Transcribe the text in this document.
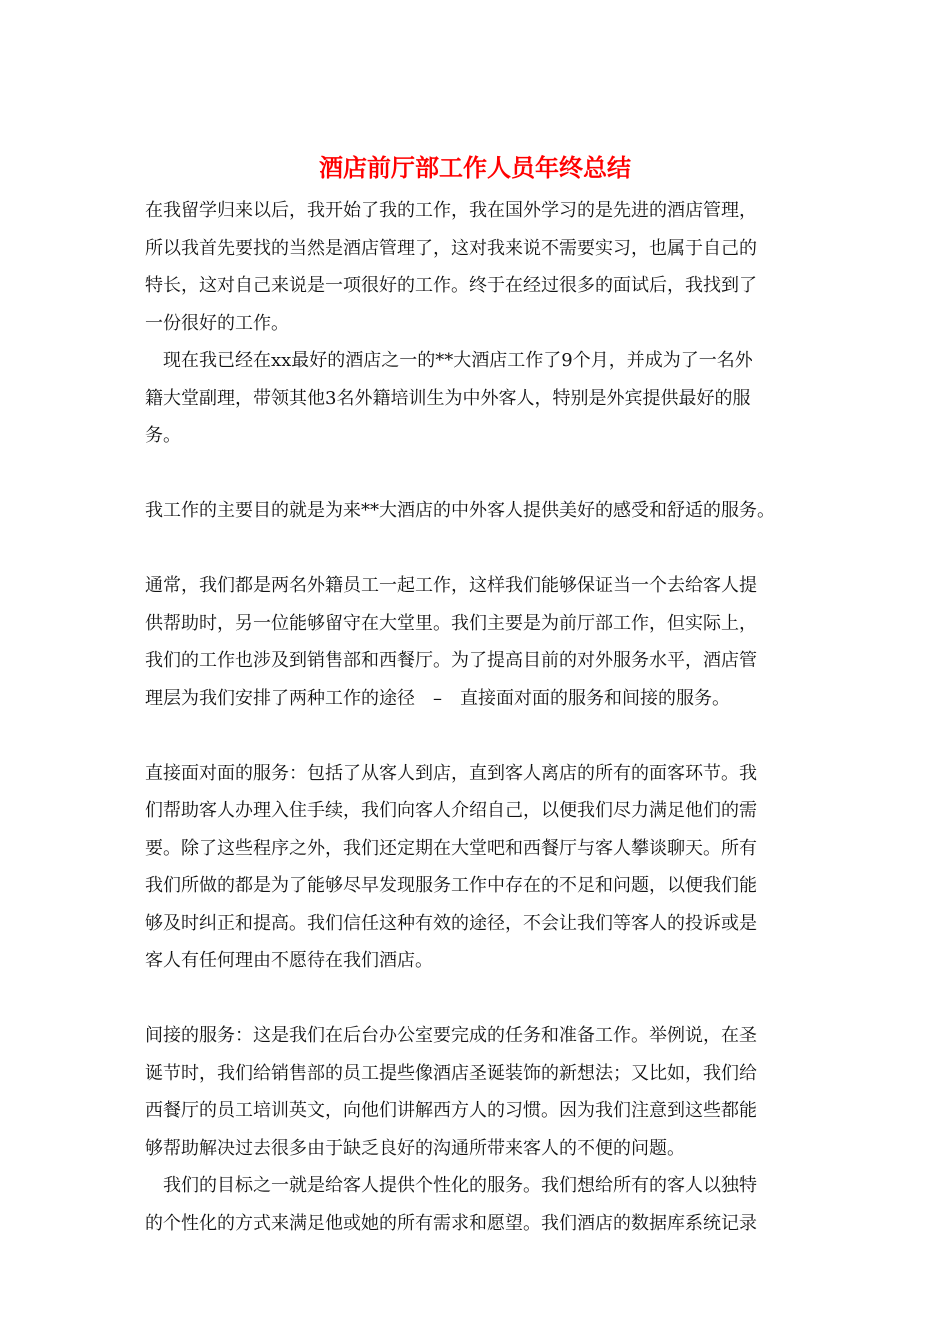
酒店前厅部工作人员年终总结
在我留学归来以后，我开始了我的工作，我在国外学习的是先进的酒店管理，
所以我首先要找的当然是酒店管理了，这对我来说不需要实习，也属于自己的
特长，这对自己来说是一项很好的工作。终于在经过很多的面试后，我找到了
一份很好的工作。
　现在我已经在xx最好的酒店之一的**大酒店工作了9个月，并成为了一名外
籍大堂副理，带领其他3名外籍培训生为中外客人，特别是外宾提供最好的服
务。
我工作的主要目的就是为来**大酒店的中外客人提供美好的感受和舒适的服务。
通常，我们都是两名外籍员工一起工作，这样我们能够保证当一个去给客人提
供帮助时，另一位能够留守在大堂里。我们主要是为前厅部工作，但实际上，
我们的工作也涉及到销售部和西餐厅。为了提高目前的对外服务水平，酒店管
理层为我们安排了两种工作的途径　–　直接面对面的服务和间接的服务。
直接面对面的服务：包括了从客人到店，直到客人离店的所有的面客环节。我
们帮助客人办理入住手续，我们向客人介绍自己，以便我们尽力满足他们的需
要。除了这些程序之外，我们还定期在大堂吧和西餐厅与客人攀谈聊天。所有
我们所做的都是为了能够尽早发现服务工作中存在的不足和问题，以便我们能
够及时纠正和提高。我们信任这种有效的途径，不会让我们等客人的投诉或是
客人有任何理由不愿待在我们酒店。
间接的服务：这是我们在后台办公室要完成的任务和准备工作。举例说，在圣
诞节时，我们给销售部的员工提些像酒店圣诞装饰的新想法；又比如，我们给
西餐厅的员工培训英文，向他们讲解西方人的习惯。因为我们注意到这些都能
够帮助解决过去很多由于缺乏良好的沟通所带来客人的不便的问题。
　我们的目标之一就是给客人提供个性化的服务。我们想给所有的客人以独特
的个性化的方式来满足他或她的所有需求和愿望。我们酒店的数据库系统记录
